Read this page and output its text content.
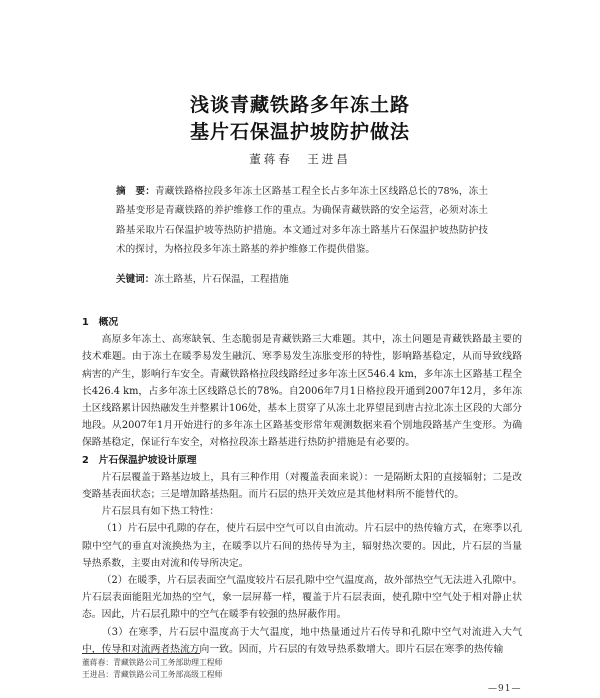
浅谈青藏铁路多年冻土路
基片石保温护坡防护做法
董蒋春　王进昌
摘　要：青藏铁路格拉段多年冻土区路基工程全长占多年冻土区线路总长的78%，冻土路基变形是青藏铁路的养护维修工作的重点。为确保青藏铁路的安全运营，必须对冻土路基采取片石保温护坡等热防护措施。本文通过对多年冻土路基片石保温护坡热防护技术的探讨，为格拉段多年冻土路基的养护维修工作提供借鉴。
关键词：冻土路基，片石保温，工程措施

1　概况

高原多年冻土、高寒缺氧、生态脆弱是青藏铁路三大难题。其中，冻土问题是青藏铁路最主要的技术难题。由于冻土在暖季易发生融沉、寒季易发生冻胀变形的特性，影响路基稳定，从而导致线路病害的产生，影响行车安全。青藏铁路格拉段线路经过多年冻土区546.4 km，多年冻土区路基工程全长426.4 km，占多年冻土区线路总长的78%。自2006年7月1日格拉段开通到2007年12月，多年冻土区线路累计因热融发生并整累计106处，基本上贯穿了从冻土北界望昆到唐古拉北冻土区段的大部分地段。从2007年1月开始进行的多年冻土区路基变形常年观测数据来看个别地段路基产生变形。为确保路基稳定，保证行车安全，对格拉段冻土路基进行热防护措施是有必要的。

2　片石保温护坡设计原理

片石层覆盖于路基边坡上，具有三种作用（对覆盖表面来说）：一是隔断太阳的直接辐射；二是改变路基表面状态；三是增加路基热阻。而片石层的热开关效应是其他材料所不能替代的。

片石层具有如下热工特性：

（1）片石层中孔隙的存在，使片石层中空气可以自由流动。片石层中的热传输方式，在寒季以孔隙中空气的垂直对流换热为主，在暖季以片石间的热传导为主，辐射热次要的。因此，片石层的当量导热系数，主要由对流和传导所决定。

（2）在暖季，片石层表面空气温度较片石层孔隙中空气温度高，故外部热空气无法进入孔隙中。片石层表面能阻光加热的空气，象一层屏幕一样，覆盖于片石层表面，使孔隙中空气处于相对静止状态。因此，片石层孔隙中的空气在暖季有较强的热屏蔽作用。

（3）在寒季，片石层中温度高于大气温度，地中热量通过片石传导和孔隙中空气对流进入大气中，传导和对流两者热流方向一致。因而，片石层的有效导热系数增大。即片石层在寒季的热传输

董蒋春：青藏铁路公司工务部助理工程师
王进昌：青藏铁路公司工务部高级工程师
—91—
